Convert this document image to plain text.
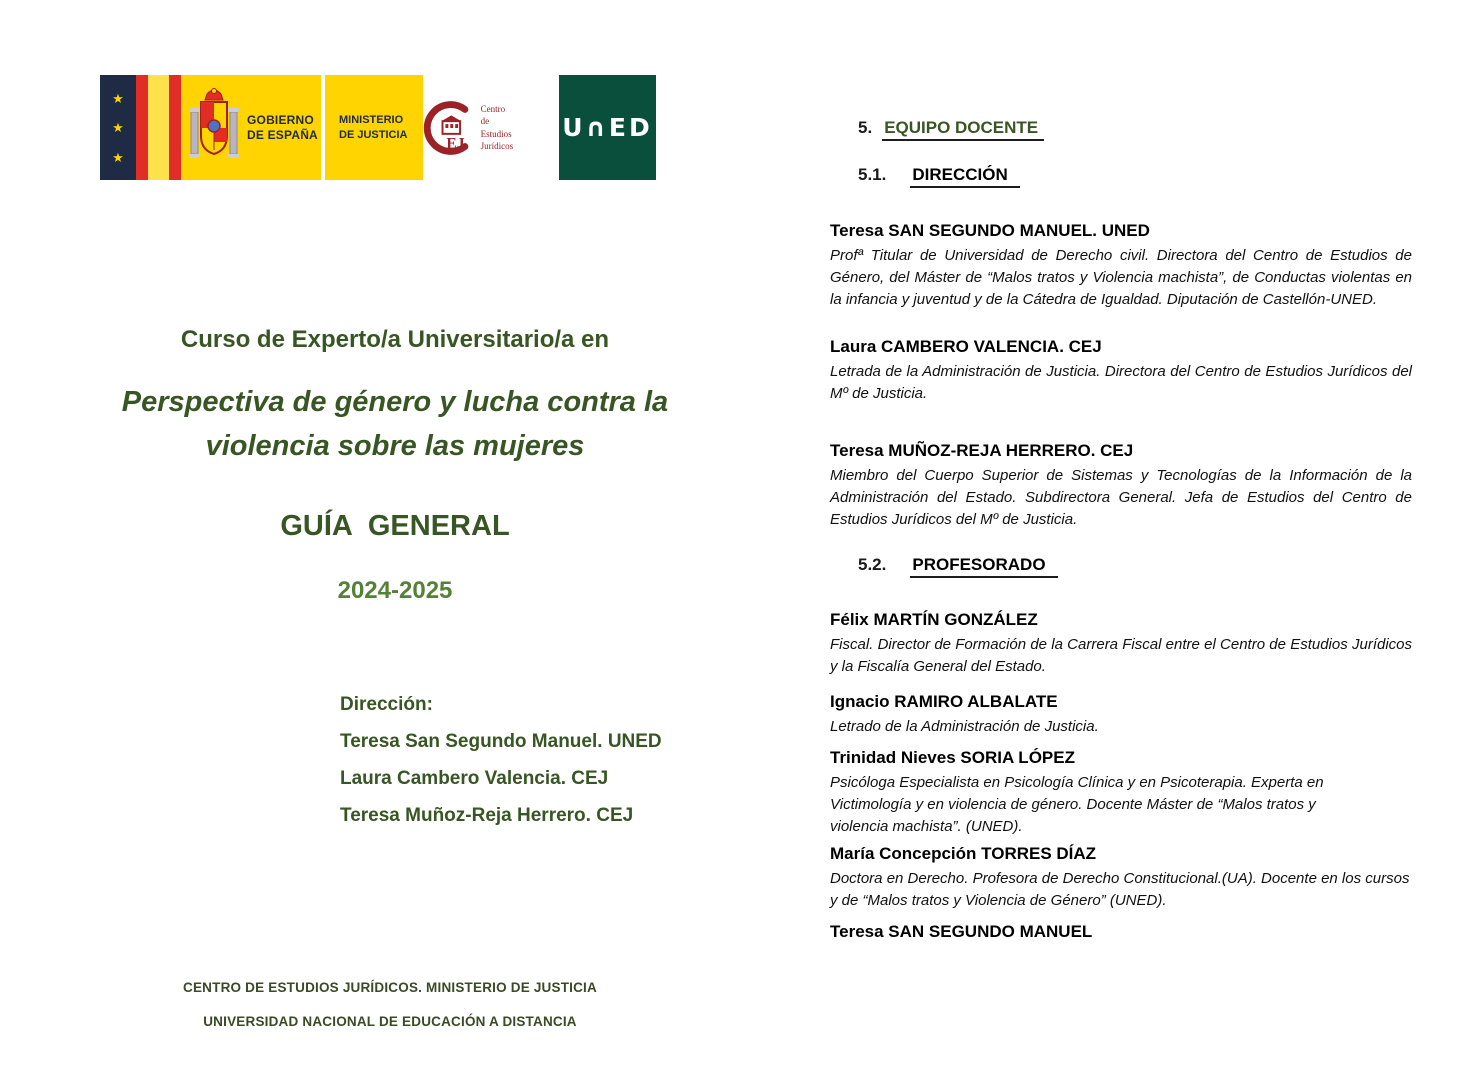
★
★
★
GOBIERNO
DE ESPAÑA
MINISTERIO
DE JUSTICIA
EJ
Centro de
Estudios
Jurídicos
U∩ED
Curso de Experto/a Universitario/a en
Perspectiva de género y lucha contra la
violencia sobre las mujeres
GUÍA  GENERAL
2024-2025
Dirección:
Teresa San Segundo Manuel. UNED
Laura Cambero Valencia. CEJ
Teresa Muñoz-Reja Herrero. CEJ
CENTRO DE ESTUDIOS JURÍDICOS. MINISTERIO DE JUSTICIA
UNIVERSIDAD NACIONAL DE EDUCACIÓN A DISTANCIA
5. EQUIPO DOCENTE
5.1. DIRECCIÓN
Teresa SAN SEGUNDO MANUEL. UNED

Profª Titular de Universidad de Derecho civil. Directora del Centro de Estudios de Género, del Máster de “Malos tratos y Violencia machista”, de Conductas violentas en la infancia y juventud y de la Cátedra de Igualdad. Diputación de Castellón-UNED.

Laura CAMBERO VALENCIA. CEJ

Letrada de la Administración de Justicia. Directora del Centro de Estudios Jurídicos del Mº de Justicia.

Teresa MUÑOZ-REJA HERRERO. CEJ

Miembro del Cuerpo Superior de Sistemas y Tecnologías de la Información de la Administración del Estado. Subdirectora General. Jefa de Estudios del Centro de Estudios Jurídicos del Mº de Justicia.

5.2. PROFESORADO
Félix MARTÍN GONZÁLEZ

Fiscal. Director de Formación de la Carrera Fiscal entre el Centro de Estudios Jurídicos y la Fiscalía General del Estado.

Ignacio RAMIRO ALBALATE

Letrado de la Administración de Justicia.

Trinidad Nieves SORIA LÓPEZ

Psicóloga Especialista en Psicología Clínica y en Psicoterapia. Experta en Victimología y en violencia de género. Docente Máster de “Malos tratos y violencia machista”. (UNED).

María Concepción TORRES DÍAZ

Doctora en Derecho. Profesora de Derecho Constitucional.(UA). Docente en los cursos y de “Malos tratos y Violencia de Género” (UNED).

Teresa SAN SEGUNDO MANUEL
